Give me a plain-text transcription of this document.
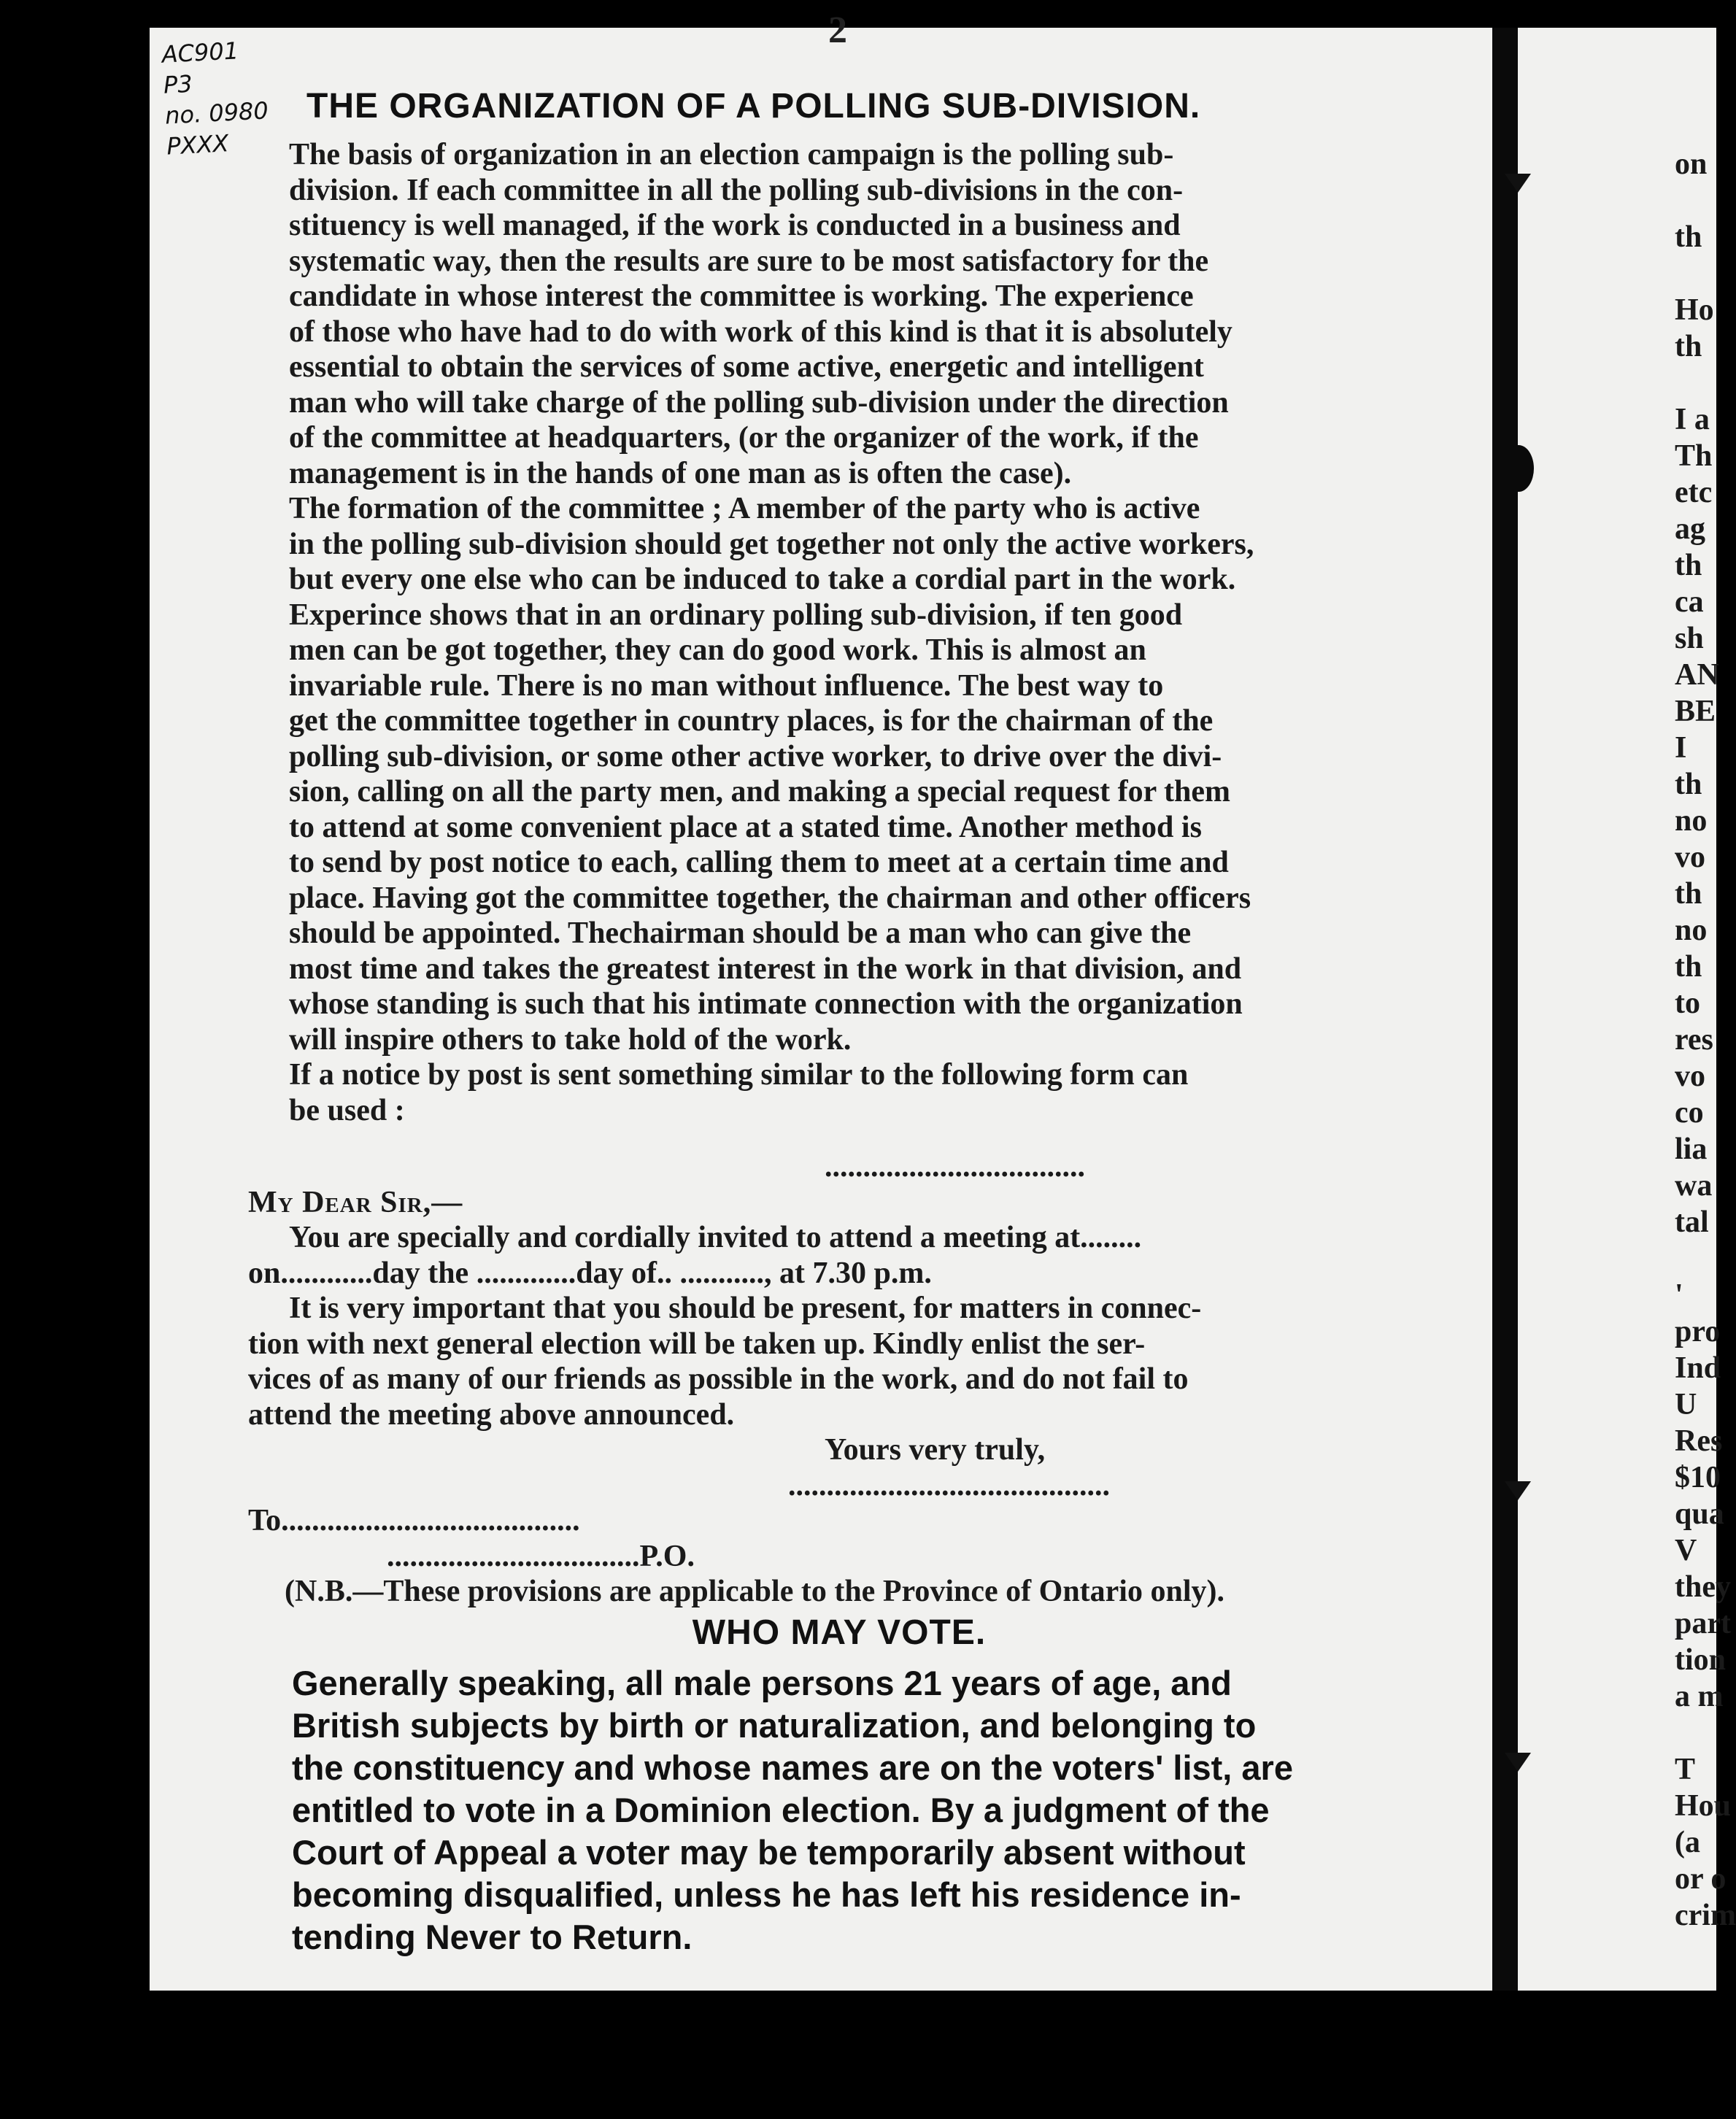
2
AC901
P3
no. 0980
PXXX
THE ORGANIZATION OF A POLLING SUB-DIVISION.

The basis of organization in an election campaign is the polling sub-
division. If each committee in all the polling sub-divisions in the con-
stituency is well managed, if the work is conducted in a business and
systematic way, then the results are sure to be most satisfactory for the
candidate in whose interest the committee is working. The experience
of those who have had to do with work of this kind is that it is absolutely
essential to obtain the services of some active, energetic and intelligent
man who will take charge of the polling sub-division under the direction
of the committee at headquarters, (or the organizer of the work, if the
management is in the hands of one man as is often the case).

The formation of the committee ; A member of the party who is active
in the polling sub-division should get together not only the active workers,
but every one else who can be induced to take a cordial part in the work.
Experince shows that in an ordinary polling sub-division, if ten good
men can be got together, they can do good work. This is almost an
invariable rule. There is no man without influence. The best way to
get the committee together in country places, is for the chairman of the
polling sub-division, or some other active worker, to drive over the divi-
sion, calling on all the party men, and making a special request for them
to attend at some convenient place at a stated time. Another method is
to send by post notice to each, calling them to meet at a certain time and
place. Having got the committee together, the chairman and other officers
should be appointed. Thechairman should be a man who can give the
most time and takes the greatest interest in the work in that division, and
whose standing is such that his intimate connection with the organization
will inspire others to take hold of the work.

If a notice by post is sent something similar to the following form can
be used :

..................................
My Dear Sir,—
You are specially and cordially invited to attend a meeting at........
on............day the .............day of.. ..........., at 7.30 p.m.
It is very important that you should be present, for matters in connec-
tion with next general election will be taken up. Kindly enlist the ser-
vices of as many of our friends as possible in the work, and do not fail to
attend the meeting above announced.
Yours very truly,
..........................................
To.......................................
.................................P.O.
(N.B.—These provisions are applicable to the Province of Ontario only).
WHO MAY VOTE.

Generally speaking, all male persons 21 years of age, and
British subjects by birth or naturalization, and belonging to
the constituency and whose names are on the voters' list, are
entitled to vote in a Dominion election. By a judgment of the
Court of Appeal a voter may be temporarily absent without
becoming disqualified, unless he has left his residence in-
tending Never to Return.

on
th
Ho
th
I a
Th
etc
ag
th
ca
sh
AN
BE
I
th
no
vo
th
no
th
to
res
vo
co
lia
wa
tal
'
pro
Ind
U
Res
$10
qua
V
they
part
tion
a m
T
Hou
(a
or o
crim
